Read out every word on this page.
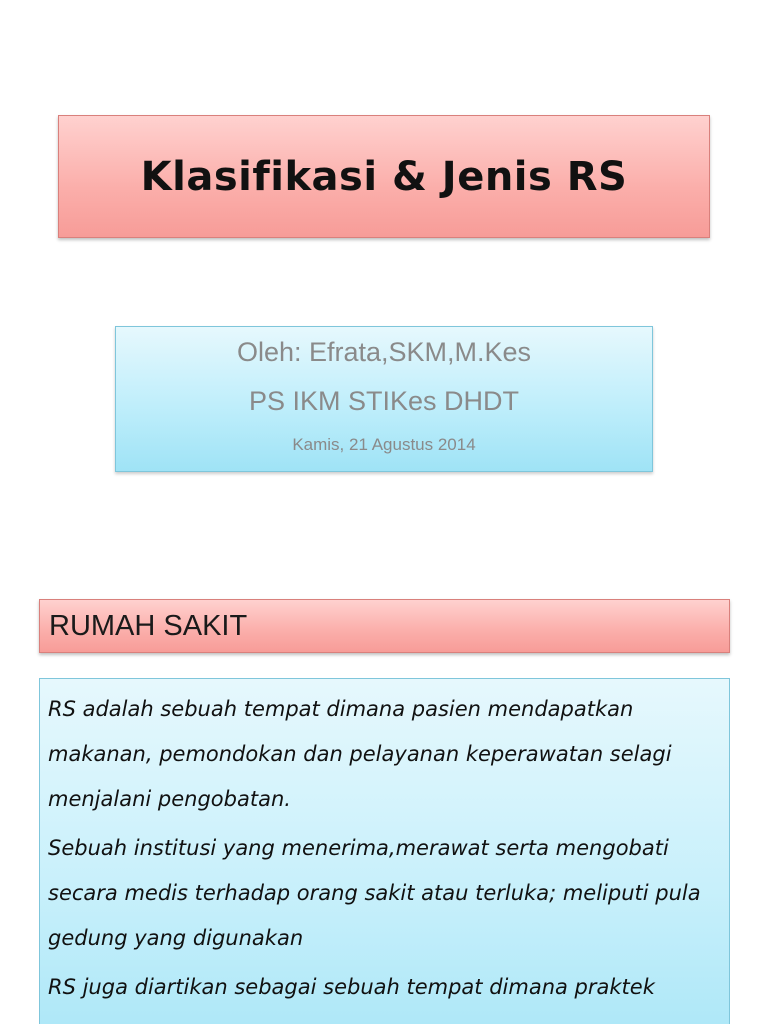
Klasifikasi & Jenis RS
Oleh: Efrata,SKM,M.Kes
PS IKM STIKes DHDT
Kamis, 21 Agustus 2014
RUMAH SAKIT

RS adalah sebuah tempat dimana pasien mendapatkan makanan, pemondokan dan pelayanan keperawatan selagi menjalani pengobatan.

Sebuah institusi yang menerima,merawat serta mengobati secara medis terhadap orang sakit atau terluka; meliputi pula gedung yang digunakan

RS juga diartikan sebagai sebuah tempat dimana praktek
